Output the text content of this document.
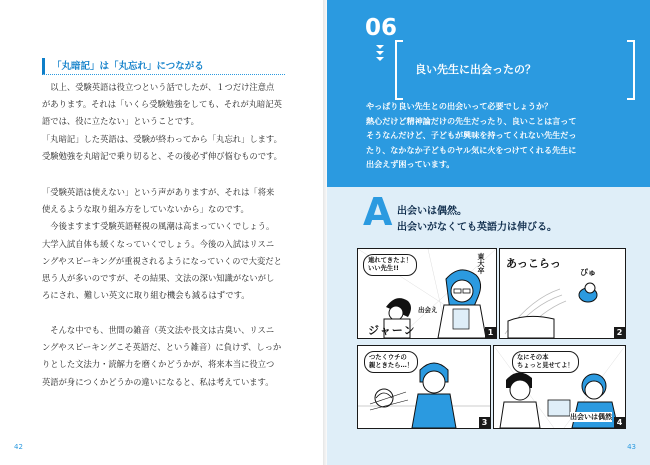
「丸暗記」は「丸忘れ」につながる

以上、受験英語は役立つという話でしたが、１つだけ注意点があります。それは「いくら受験勉強をしても、それが丸暗記英語では、役に立たない」ということです。

「丸暗記」した英語は、受験が終わってから「丸忘れ」します。受験勉強を丸暗記で乗り切ると、その後必ず伸び悩むものです。

「受験英語は使えない」という声がありますが、それは「将来使えるような取り組み方をしていないから」なのです。

今後ますます受験英語軽視の風潮は高まっていくでしょう。大学入試自体も緩くなっていくでしょう。今後の入試はリスニングやスピーキングが重視されるようになっていくので大変だと思う人が多いのですが、その結果、文法の深い知識がないがしろにされ、難しい英文に取り組む機会も減るはずです。

そんな中でも、世間の雑音（英文法や長文は古臭い、リスニングやスピーキングこそ英語だ、という雑音）に負けず、しっかりとした文法力・読解力を磨くかどうかが、将来本当に役立つ英語が身につくかどうかの違いになると、私は考えています。

42
06
良い先生に出会ったの？

やっぱり良い先生との出会いって必要でしょうか？

熱心だけど精神論だけの先生だったり、良いことは言って

そうなんだけど、子どもが興味を持ってくれない先生だっ

たり、なかなか子どものヤル気に火をつけてくれる先生に

出会えず困っています。

A 出会いは偶然。

出会いがなくても英語力は伸びる。

連れてきたよ！

いい先生!!	東大卒
出会え
ジャーン	1
あっこらっ
ぴゅ
2

つたくウチの

親ときたら…！

3

なにその本

ちょっと見せてよ！

出会いは偶然
4
43
